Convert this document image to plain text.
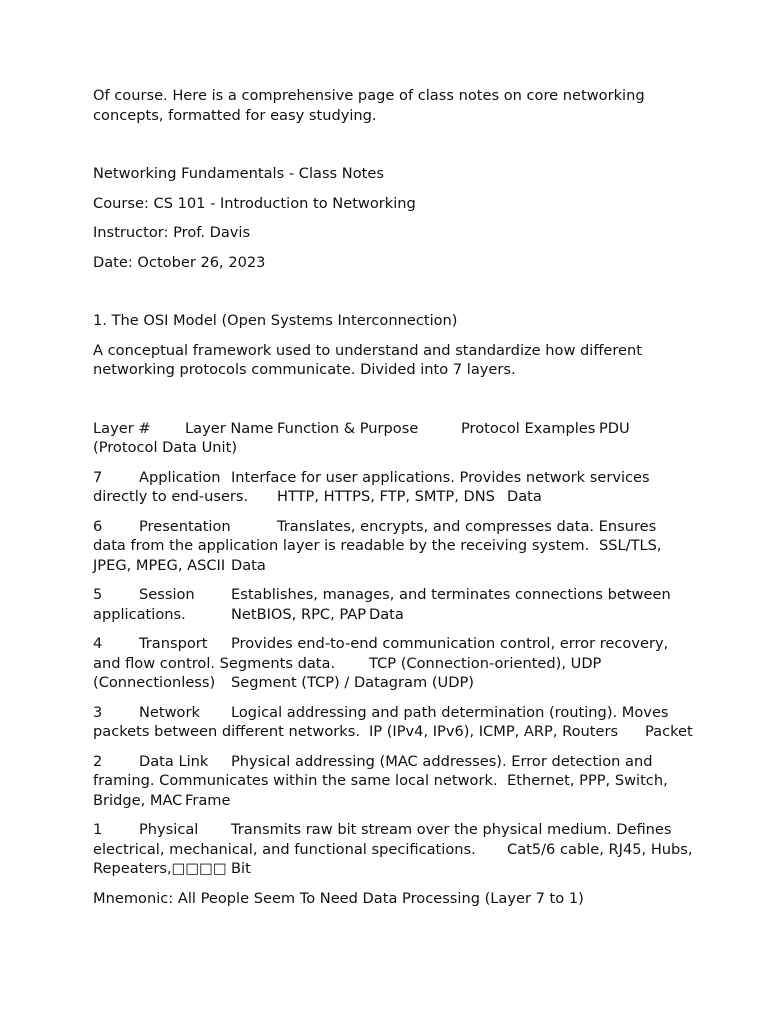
Of course. Here is a comprehensive page of class notes on core networking concepts, formatted for easy studying.

Networking Fundamentals - Class Notes

Course: CS 101 - Introduction to Networking

Instructor: Prof. Davis

Date: October 26, 2023

1. The OSI Model (Open Systems Interconnection)

A conceptual framework used to understand and standardize how different networking protocols communicate. Divided into 7 layers.

Layer #	Layer Name	Function & Purpose	Protocol Examples	PDU (Protocol Data Unit)

7	Application	Interface for user applications. Provides network services directly to end-users.	HTTP, HTTPS, FTP, SMTP, DNS	Data

6	Presentation	Translates, encrypts, and compresses data. Ensures data from the application layer is readable by the receiving system.	SSL/TLS, JPEG, MPEG, ASCII	Data

5	Session	Establishes, manages, and terminates connections between applications.	NetBIOS, RPC, PAP	Data

4	Transport	Provides end-to-end communication control, error recovery, and flow control. Segments data.	TCP (Connection-oriented), UDP (Connectionless)	Segment (TCP) / Datagram (UDP)

3	Network	Logical addressing and path determination (routing). Moves packets between different networks.	IP (IPv4, IPv6), ICMP, ARP, Routers	Packet

2	Data Link	Physical addressing (MAC addresses). Error detection and framing. Communicates within the same local network.	Ethernet, PPP, Switch, Bridge, MAC	Frame

1	Physical	Transmits raw bit stream over the physical medium. Defines electrical, mechanical, and functional specifications.	Cat5/6 cable, RJ45, Hubs, Repeaters,□□□□	Bit

Mnemonic: All People Seem To Need Data Processing (Layer 7 to 1)
